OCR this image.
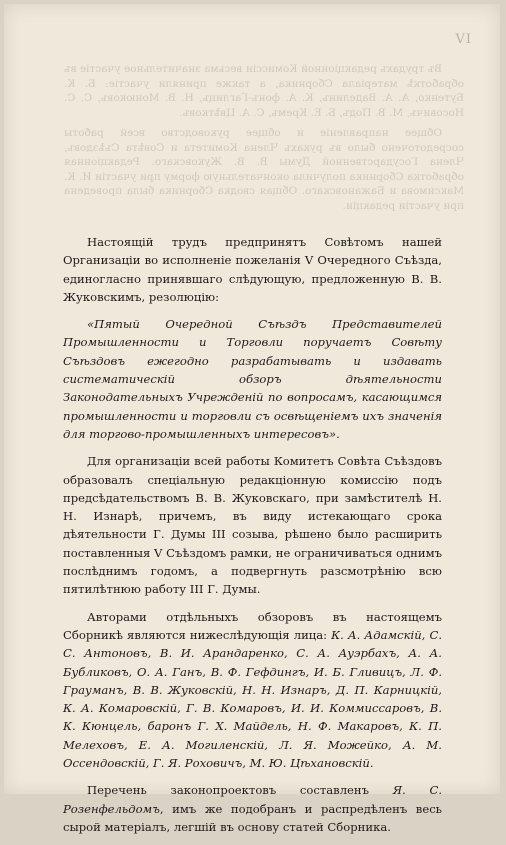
VI

Въ трудахъ редакціонной Комиссіи весьма значительное участіе въ обработкѣ матеріала Сборника, а также приняли участіе: Б. К. Бутенко, А. А. Ваделинъ, К. А. фонъ-Гаглицъ, Н. В. Монюковъ, С. С. Носовичъ, М. В. Подъ, Б. Е. Кремъ, С. А. Цвѣтковъ.

Общее направленіе и общее руководство всей работы сосредоточено было въ рукахъ Члена Комитета и Совѣта Съѣздовъ, Члена Государственной Думы В. В. Жуковскаго. Редакціонная обработка Сборника получила окончательную форму при участіи И. К. Максимова и Бажановскаго. Общая сводка Сборника была проведена при участіи редакціи.

Настоящій трудъ предпринятъ Совѣтомъ нашей Организаціи во исполненіе пожеланія V Очередного Съѣзда, единогласно принявшаго слѣдующую, предложенную В. В. Жуковскимъ, резолюцію:

«Пятый Очередной Съѣздъ Представителей Промышленности и Торговли поручаетъ Совѣту Съѣздовъ ежегодно разрабатывать и издавать систематическій обзоръ дѣятельности Законодательныхъ Учрежденій по вопросамъ, касающимся промышленности и торговли съ освѣщеніемъ ихъ значенія для торгово-промышленныхъ интересовъ».

Для организаціи всей работы Комитетъ Совѣта Съѣздовъ образовалъ спеціальную редакціонную комиссію подъ предсѣдательствомъ В. В. Жуковскаго, при замѣстителѣ Н. Н. Изнарѣ, причемъ, въ виду истекающаго срока дѣятельности Г. Думы III созыва, рѣшено было расширить поставленныя V Съѣздомъ рамки, не ограничиваться однимъ послѣднимъ годомъ, а подвергнуть разсмотрѣнію всю пятилѣтнюю работу III Г. Думы.

Авторами отдѣльныхъ обзоровъ въ настоящемъ Сборникѣ являются нижеслѣдующія лица: К. А. Адамскій, С. С. Антоновъ, В. И. Арандаренко, С. А. Ауэрбахъ, А. А. Бубликовъ, О. А. Ганъ, В. Ф. Гефдингъ, И. Б. Гливицъ, Л. Ф. Грауманъ, В. В. Жуковскій, Н. Н. Изнаръ, Д. П. Карницкій, К. А. Комаровскій, Г. В. Комаровъ, И. И. Коммиссаровъ, В. К. Кюнцель, баронъ Г. Х. Майдель, Н. Ф. Макаровъ, К. П. Мелеховъ, Е. А. Могиленскій, Л. Я. Можейко, А. М. Оссендовскій, Г. Я. Роховичъ, М. Ю. Цѣхановскій.

Перечень законопроектовъ составленъ Я. С. Розенфельдомъ, имъ же подобранъ и распредѣленъ весь сырой матеріалъ, легшій въ основу статей Сборника.
